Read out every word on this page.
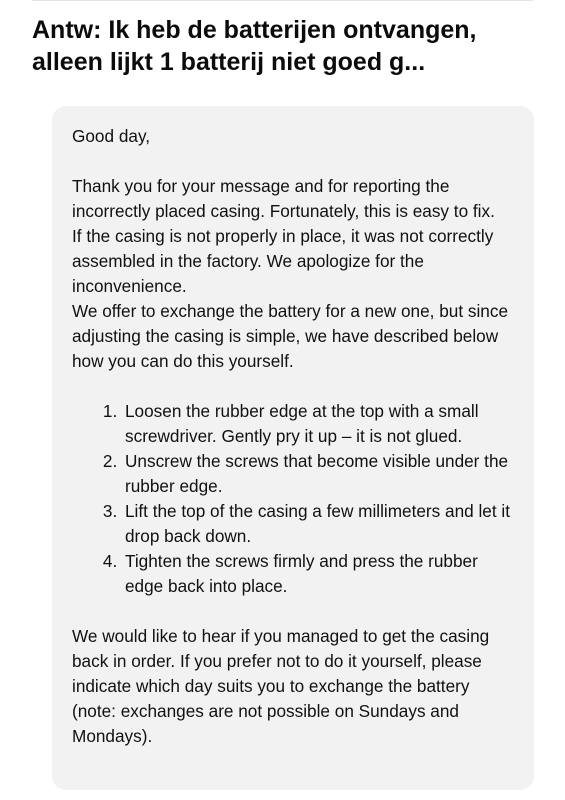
Antw: Ik heb de batterijen ontvangen, alleen lijkt 1 batterij niet goed g...

Good day,

Thank you for your message and for reporting the incorrectly placed casing. Fortunately, this is easy to fix.

If the casing is not properly in place, it was not correctly assembled in the factory. We apologize for the inconvenience.

We offer to exchange the battery for a new one, but since adjusting the casing is simple, we have described below how you can do this yourself.

1. Loosen the rubber edge at the top with a small screwdriver. Gently pry it up – it is not glued.
2. Unscrew the screws that become visible under the rubber edge.
3. Lift the top of the casing a few millimeters and let it drop back down.
4. Tighten the screws firmly and press the rubber edge back into place.

We would like to hear if you managed to get the casing back in order. If you prefer not to do it yourself, please indicate which day suits you to exchange the battery (note: exchanges are not possible on Sundays and Mondays).
